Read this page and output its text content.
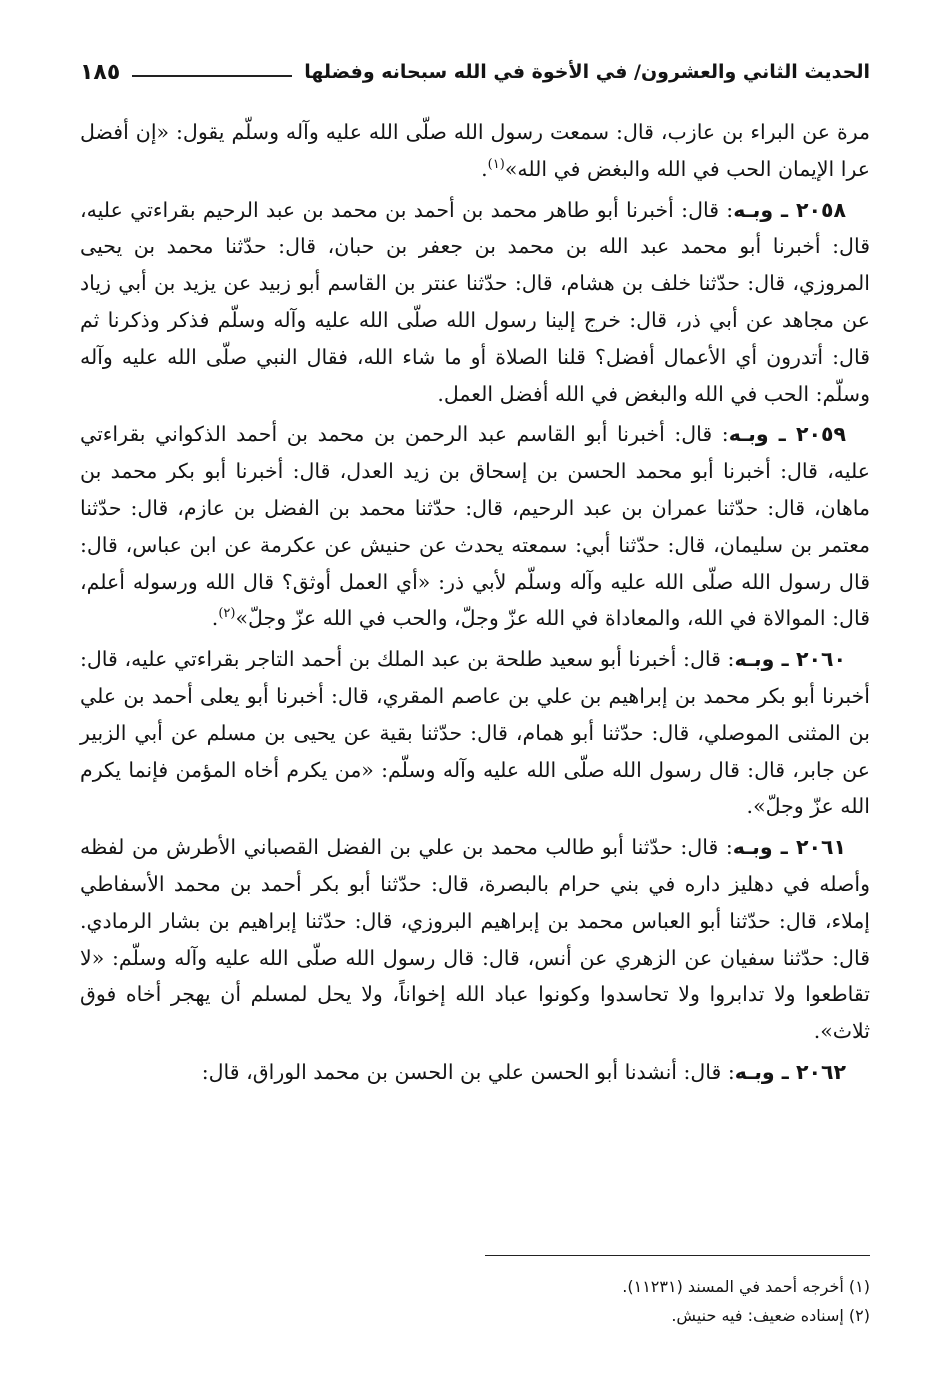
الحديث الثاني والعشرون/ في الأخوة في الله سبحانه وفضلها
١٨٥

مرة عن البراء بن عازب، قال: سمعت رسول الله صلّى الله عليه وآله وسلّم يقول: «إن أفضل عرا الإيمان الحب في الله والبغض في الله»$^{(١)}$.

٢٠٥٨ ـ وبـه: قال: أخبرنا أبو طاهر محمد بن أحمد بن محمد بن عبد الرحيم بقراءتي عليه، قال: أخبرنا أبو محمد عبد الله بن محمد بن جعفر بن حبان، قال: حدّثنا محمد بن يحيى المروزي، قال: حدّثنا خلف بن هشام، قال: حدّثنا عنتر بن القاسم أبو زبيد عن يزيد بن أبي زياد عن مجاهد عن أبي ذر، قال: خرج إلينا رسول الله صلّى الله عليه وآله وسلّم فذكر وذكرنا ثم قال: أتدرون أي الأعمال أفضل؟ قلنا الصلاة أو ما شاء الله، فقال النبي صلّى الله عليه وآله وسلّم: الحب في الله والبغض في الله أفضل العمل.

٢٠٥٩ ـ وبـه: قال: أخبرنا أبو القاسم عبد الرحمن بن محمد بن أحمد الذكواني بقراءتي عليه، قال: أخبرنا أبو محمد الحسن بن إسحاق بن زيد العدل، قال: أخبرنا أبو بكر محمد بن ماهان، قال: حدّثنا عمران بن عبد الرحيم، قال: حدّثنا محمد بن الفضل بن عازم، قال: حدّثنا معتمر بن سليمان، قال: حدّثنا أبي: سمعته يحدث عن حنيش عن عكرمة عن ابن عباس، قال: قال رسول الله صلّى الله عليه وآله وسلّم لأبي ذر: «أي العمل أوثق؟ قال الله ورسوله أعلم، قال: الموالاة في الله، والمعاداة في الله عزّ وجلّ، والحب في الله عزّ وجلّ»$^{(٢)}$.

٢٠٦٠ ـ وبـه: قال: أخبرنا أبو سعيد طلحة بن عبد الملك بن أحمد التاجر بقراءتي عليه، قال: أخبرنا أبو بكر محمد بن إبراهيم بن علي بن عاصم المقري، قال: أخبرنا أبو يعلى أحمد بن علي بن المثنى الموصلي، قال: حدّثنا أبو همام، قال: حدّثنا بقية عن يحيى بن مسلم عن أبي الزبير عن جابر، قال: قال رسول الله صلّى الله عليه وآله وسلّم: «من يكرم أخاه المؤمن فإنما يكرم الله عزّ وجلّ».

٢٠٦١ ـ وبـه: قال: حدّثنا أبو طالب محمد بن علي بن الفضل القصباني الأطرش من لفظه وأصله في دهليز داره في بني حرام بالبصرة، قال: حدّثنا أبو بكر أحمد بن محمد الأسفاطي إملاء، قال: حدّثنا أبو العباس محمد بن إبراهيم البروزي، قال: حدّثنا إبراهيم بن بشار الرمادي. قال: حدّثنا سفيان عن الزهري عن أنس، قال: قال رسول الله صلّى الله عليه وآله وسلّم: «لا تقاطعوا ولا تدابروا ولا تحاسدوا وكونوا عباد الله إخواناً، ولا يحل لمسلم أن يهجر أخاه فوق ثلاث».

٢٠٦٢ ـ وبـه: قال: أنشدنا أبو الحسن علي بن الحسن بن محمد الوراق، قال:

(١) أخرجه أحمد في المسند (١١٢٣١).

(٢) إسناده ضعيف: فيه حنيش.
